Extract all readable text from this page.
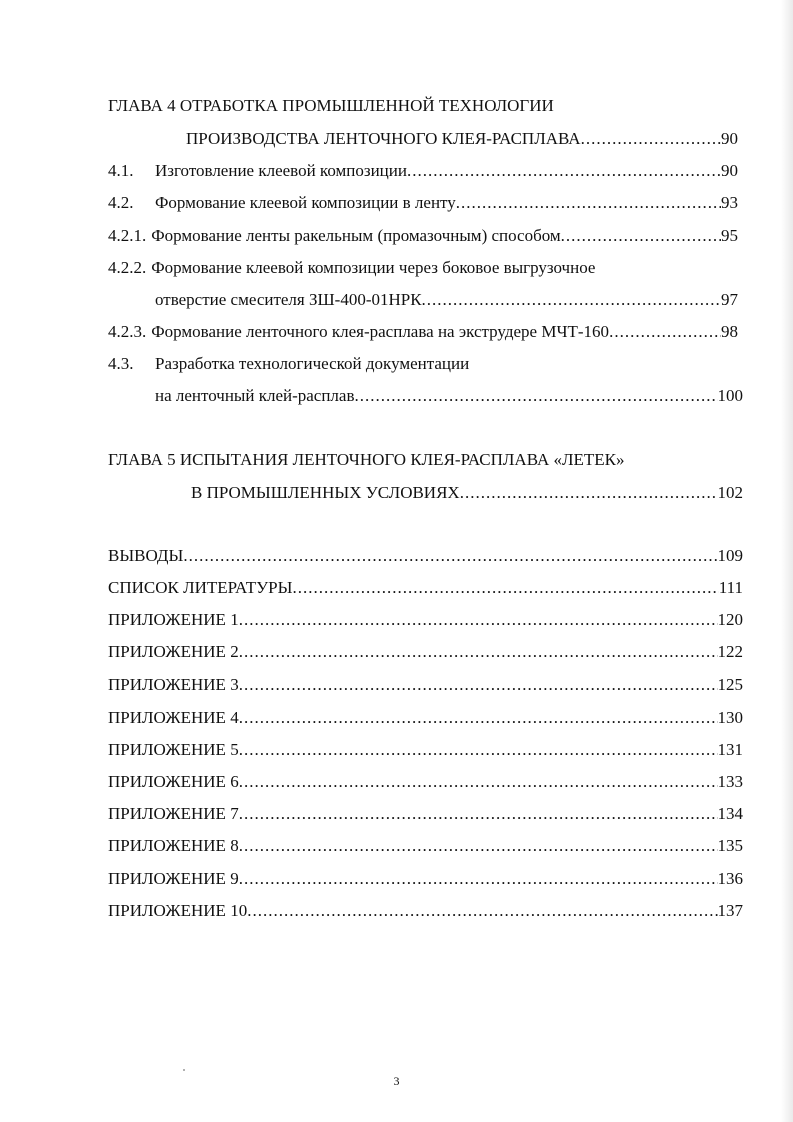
ГЛАВА 4 ОТРАБОТКА ПРОМЫШЛЕННОЙ ТЕХНОЛОГИИ
ПРОИЗВОДСТВА ЛЕНТОЧНОГО КЛЕЯ-РАСПЛАВА .....	90
4.1.	Изготовление клеевой композиции .....	90
4.2.	Формование клеевой композиции в ленту .....	93
4.2.1. Формование ленты ракельным (промазочным) способом .....	95
4.2.2. Формование клеевой композиции через боковое выгрузочное
отверстие смесителя ЗШ-400-01НРК .....	97
4.2.3. Формование ленточного клея-расплава на экструдере МЧТ-160 .....	98
4.3. Разработка технологической документации
на ленточный клей-расплав .....	100
ГЛАВА 5 ИСПЫТАНИЯ ЛЕНТОЧНОГО КЛЕЯ-РАСПЛАВА «ЛЕТЕК»
В ПРОМЫШЛЕННЫХ УСЛОВИЯХ .....	102
ВЫВОДЫ .....	109
СПИСОК ЛИТЕРАТУРЫ .....	111
ПРИЛОЖЕНИЕ 1 .....	120
ПРИЛОЖЕНИЕ 2 .....	122
ПРИЛОЖЕНИЕ 3 .....	125
ПРИЛОЖЕНИЕ 4 .....	130
ПРИЛОЖЕНИЕ 5 .....	131
ПРИЛОЖЕНИЕ 6 .....	133
ПРИЛОЖЕНИЕ 7 .....	134
ПРИЛОЖЕНИЕ 8 .....	135
ПРИЛОЖЕНИЕ 9 .....	136
ПРИЛОЖЕНИЕ 10 .....	137
3
